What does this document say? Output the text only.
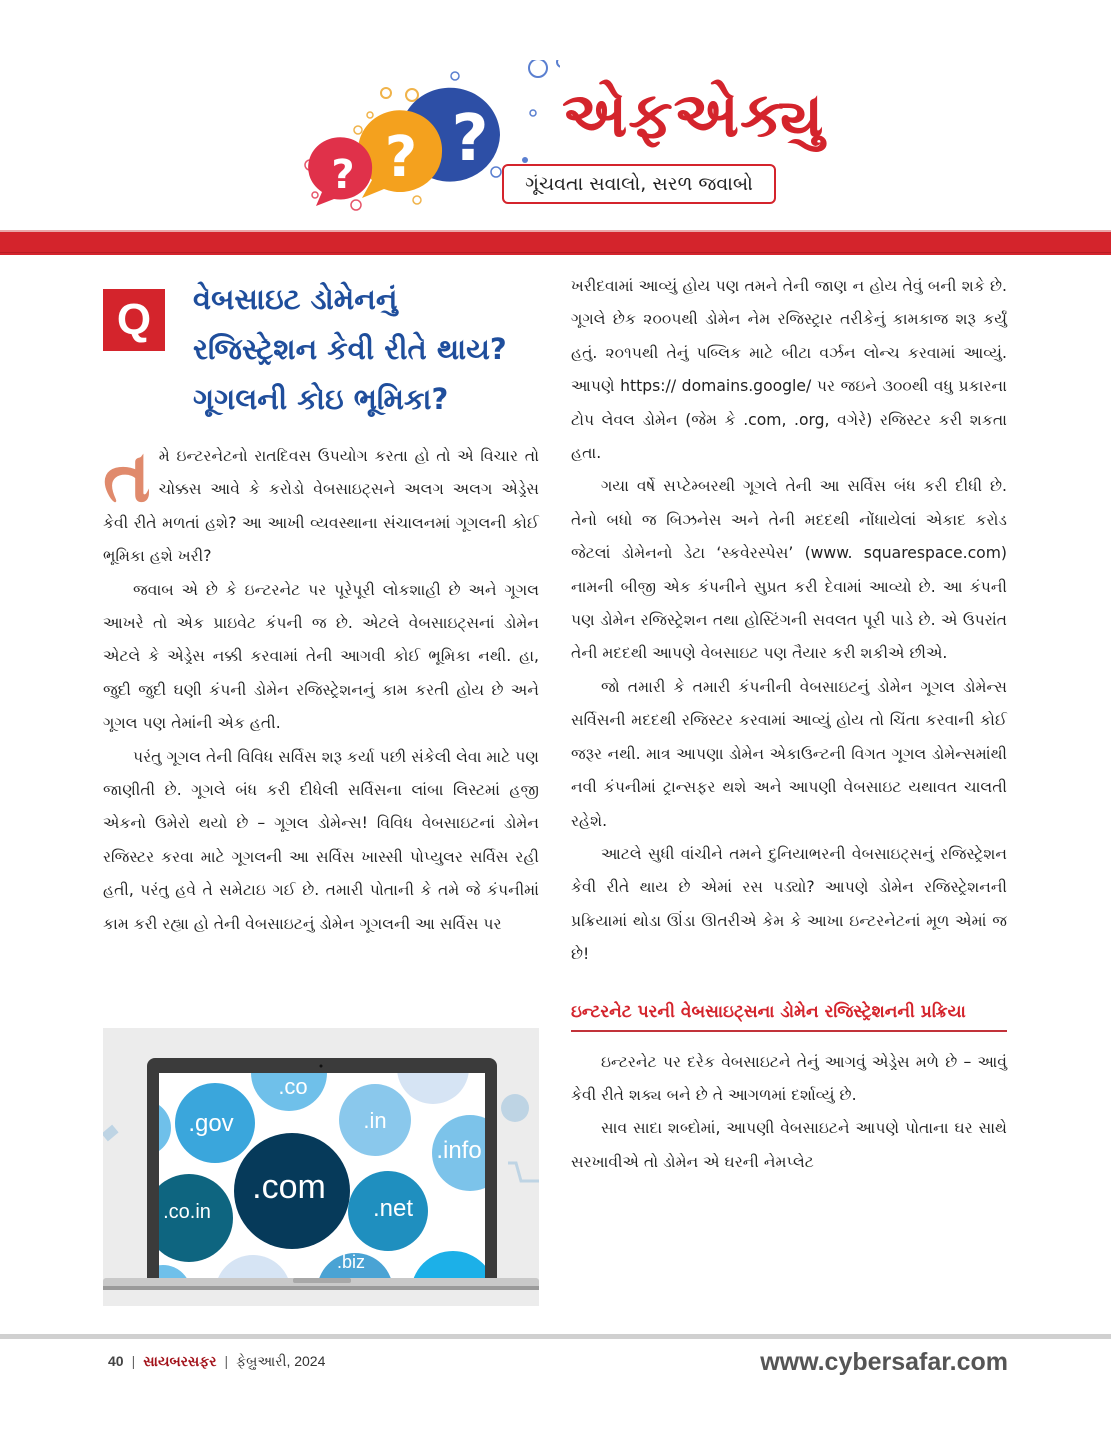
?
?
?
એફએક્યુ
ગૂંચવતા સવાલો, સરળ જવાબો
Q	વેબસાઇટ ડોમેનનું
રજિસ્ટ્રેશન કેવી રીતે થાય?
ગૂગલની કોઇ ભૂમિકા?

તમે ઇન્ટરનેટનો રાતદિવસ ઉપયોગ કરતા હો તો એ વિચાર તો ચોક્કસ આવે કે કરોડો વેબસાઇટ્સને અલગ અલગ એડ્રેસ કેવી રીતે મળતાં હશે? આ આખી વ્યવસ્થાના સંચાલનમાં ગૂગલની કોઈ ભૂમિકા હશે ખરી?

જવાબ એ છે કે ઇન્ટરનેટ પર પૂરેપૂરી લોકશાહી છે અને ગૂગલ આખરે તો એક પ્રાઇવેટ કંપની જ છે. એટલે વેબસાઇટ્સનાં ડોમેન એટલે કે એડ્રેસ નક્કી કરવામાં તેની આગવી કોઈ ભૂમિકા નથી. હા, જુદી જુદી ઘણી કંપની ડોમેન રજિસ્ટ્રેશનનું કામ કરતી હોય છે અને ગૂગલ પણ તેમાંની એક હતી.

પરંતુ ગૂગલ તેની વિવિધ સર્વિસ શરૂ કર્યા પછી સંકેલી લેવા માટે પણ જાણીતી છે. ગૂગલે બંધ કરી દીધેલી સર્વિસના લાંબા લિસ્ટમાં હજી એકનો ઉમેરો થયો છે – ગૂગલ ડોમેન્સ! વિવિધ વેબસાઇટનાં ડોમેન રજિસ્ટર કરવા માટે ગૂગલની આ સર્વિસ ખાસ્સી પોપ્યુલર સર્વિસ રહી હતી, પરંતુ હવે તે સમેટાઇ ગઈ છે. તમારી પોતાની કે તમે જે કંપનીમાં કામ કરી રહ્યા હો તેની વેબસાઇટનું ડોમેન ગૂગલની આ સર્વિસ પર

.co
.gov	.in
.info
.com
.co.in	.net
.biz

ખરીદવામાં આવ્યું હોય પણ તમને તેની જાણ ન હોય તેવું બની શકે છે. ગૂગલે છેક ૨૦૦૫થી ડોમેન નેમ રજિસ્ટ્રાર તરીકેનું કામકાજ શરૂ કર્યું હતું. ૨૦૧૫થી તેનું પબ્લિક માટે બીટા વર્ઝન લોન્ચ કરવામાં આવ્યું. આપણે https:// domains.google/ પર જઇને ૩૦૦થી વધુ પ્રકારના ટોપ લેવલ ડોમેન (જેમ કે .com, .org, વગેરે) રજિસ્ટર કરી શકતા હતા.

ગયા વર્ષે સપ્ટેમ્બરથી ગૂગલે તેની આ સર્વિસ બંધ કરી દીધી છે. તેનો બધો જ બિઝનેસ અને તેની મદદથી નોંધાયેલાં એકાદ કરોડ જેટલાં ડોમેનનો ડેટા ‘સ્કવેરસ્પેસ’ (www. squarespace.com) નામની બીજી એક કંપનીને સુપ્રત કરી દેવામાં આવ્યો છે. આ કંપની પણ ડોમેન રજિસ્ટ્રેશન તથા હોસ્ટિંગની સવલત પૂરી પાડે છે. એ ઉપરાંત તેની મદદથી આપણે વેબસાઇટ પણ તૈયાર કરી શકીએ છીએ.

જો તમારી કે તમારી કંપનીની વેબસાઇટનું ડોમેન ગૂગલ ડોમેન્સ સર્વિસની મદદથી રજિસ્ટર કરવામાં આવ્યું હોય તો ચિંતા કરવાની કોઈ જરૂર નથી. માત્ર આપણા ડોમેન એકાઉન્ટની વિગત ગૂગલ ડોમેન્સમાંથી નવી કંપનીમાં ટ્રાન્સફર થશે અને આપણી વેબસાઇટ યથાવત ચાલતી રહેશે.

આટલે સુધી વાંચીને તમને દુનિયાભરની વેબસાઇટ્સનું રજિસ્ટ્રેશન કેવી રીતે થાય છે એમાં રસ પડ્યો? આપણે ડોમેન રજિસ્ટ્રેશનની પ્રક્રિયામાં થોડા ઊંડા ઊતરીએ કેમ કે આખા ઇન્ટરનેટનાં મૂળ એમાં જ છે!

ઇન્ટરનેટ પરની વેબસાઇટ્સના ડોમેન રજિસ્ટ્રેશનની પ્રક્રિયા

ઇન્ટરનેટ પર દરેક વેબસાઇટને તેનું આગવું એડ્રેસ મળે છે – આવું કેવી રીતે શક્ય બને છે તે આગળમાં દર્શાવ્યું છે.

સાવ સાદા શબ્દોમાં, આપણી વેબસાઇટને આપણે પોતાના ઘર સાથે સરખાવીએ તો ડોમેન એ ઘરની નેમપ્લેટ

40 | સાયબરસફર | ફેબ્રુઆરી, 2024	www.cybersafar.com
